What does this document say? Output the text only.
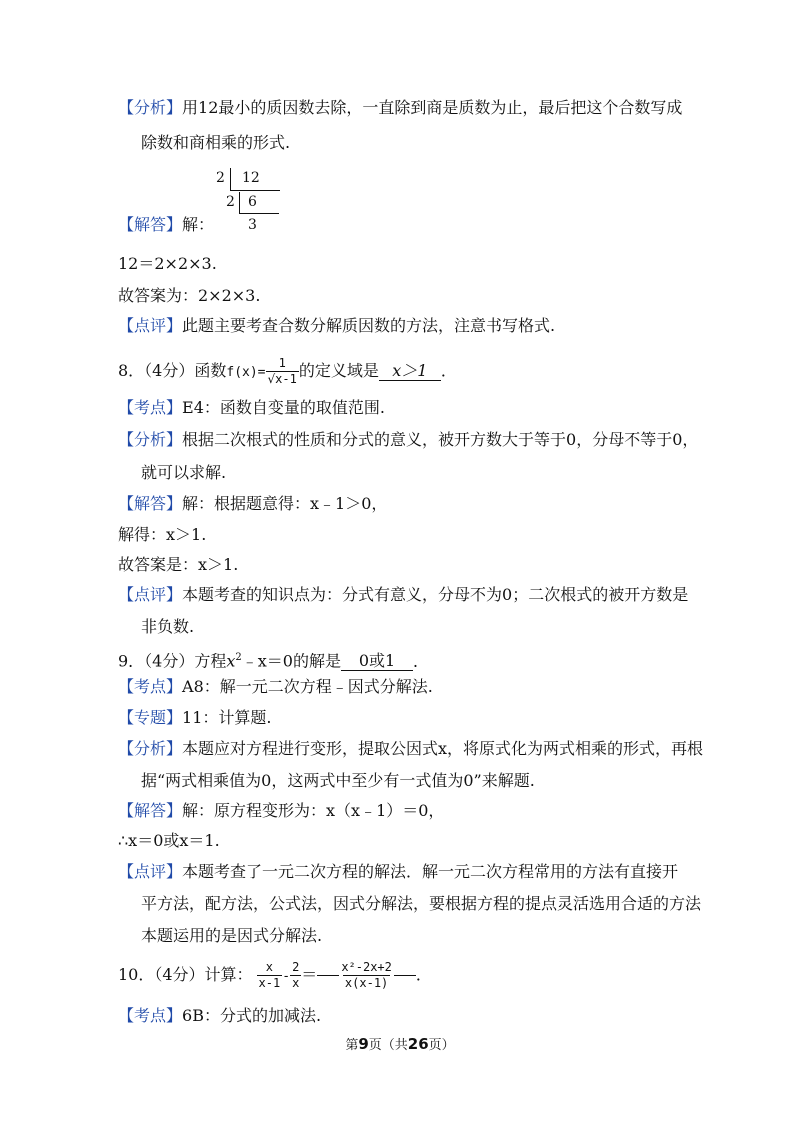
【分析】用12最小的质因数去除，一直除到商是质数为止，最后把这个合数写成
除数和商相乘的形式.
2 12
2 6
3
【解答】解：
12＝2×2×3.
故答案为：2×2×3.
【点评】此题主要考查合数分解质因数的方法，注意书写格式.
8．（4分）函数$f(x)= \frac{1}{√x-1}$ 的定义域是 x＞1 ．
【考点】E4：函数自变量的取值范围.
【分析】根据二次根式的性质和分式的意义，被开方数大于等于0，分母不等于0，
就可以求解.
【解答】解：根据题意得：x﹣1＞0，
解得：x＞1.
故答案是：x＞1.
【点评】本题考查的知识点为：分式有意义，分母不为0；二次根式的被开方数是
非负数.
9．（4分）方程$x^2﹣x=0$的解是 0或1 ．
【考点】A8：解一元二次方程﹣因式分解法.
【专题】11：计算题.
【分析】本题应对方程进行变形，提取公因式x，将原式化为两式相乘的形式，再根
据“两式相乘值为0，这两式中至少有一式值为0”来解题.
【解答】解：原方程变形为：x（x﹣1）＝0，
∴x＝0或x＝1.
【点评】本题考查了一元二次方程的解法．解一元二次方程常用的方法有直接开
平方法，配方法，公式法，因式分解法，要根据方程的提点灵活选用合适的方法
本题运用的是因式分解法.
10．（4分）计算： $\frac{x}{x-1} - \frac{2}{x} = \frac{\text{x²-2x+2}}{x(x-1)}$ ．
【考点】6B：分式的加减法.
第9页（共26页）
